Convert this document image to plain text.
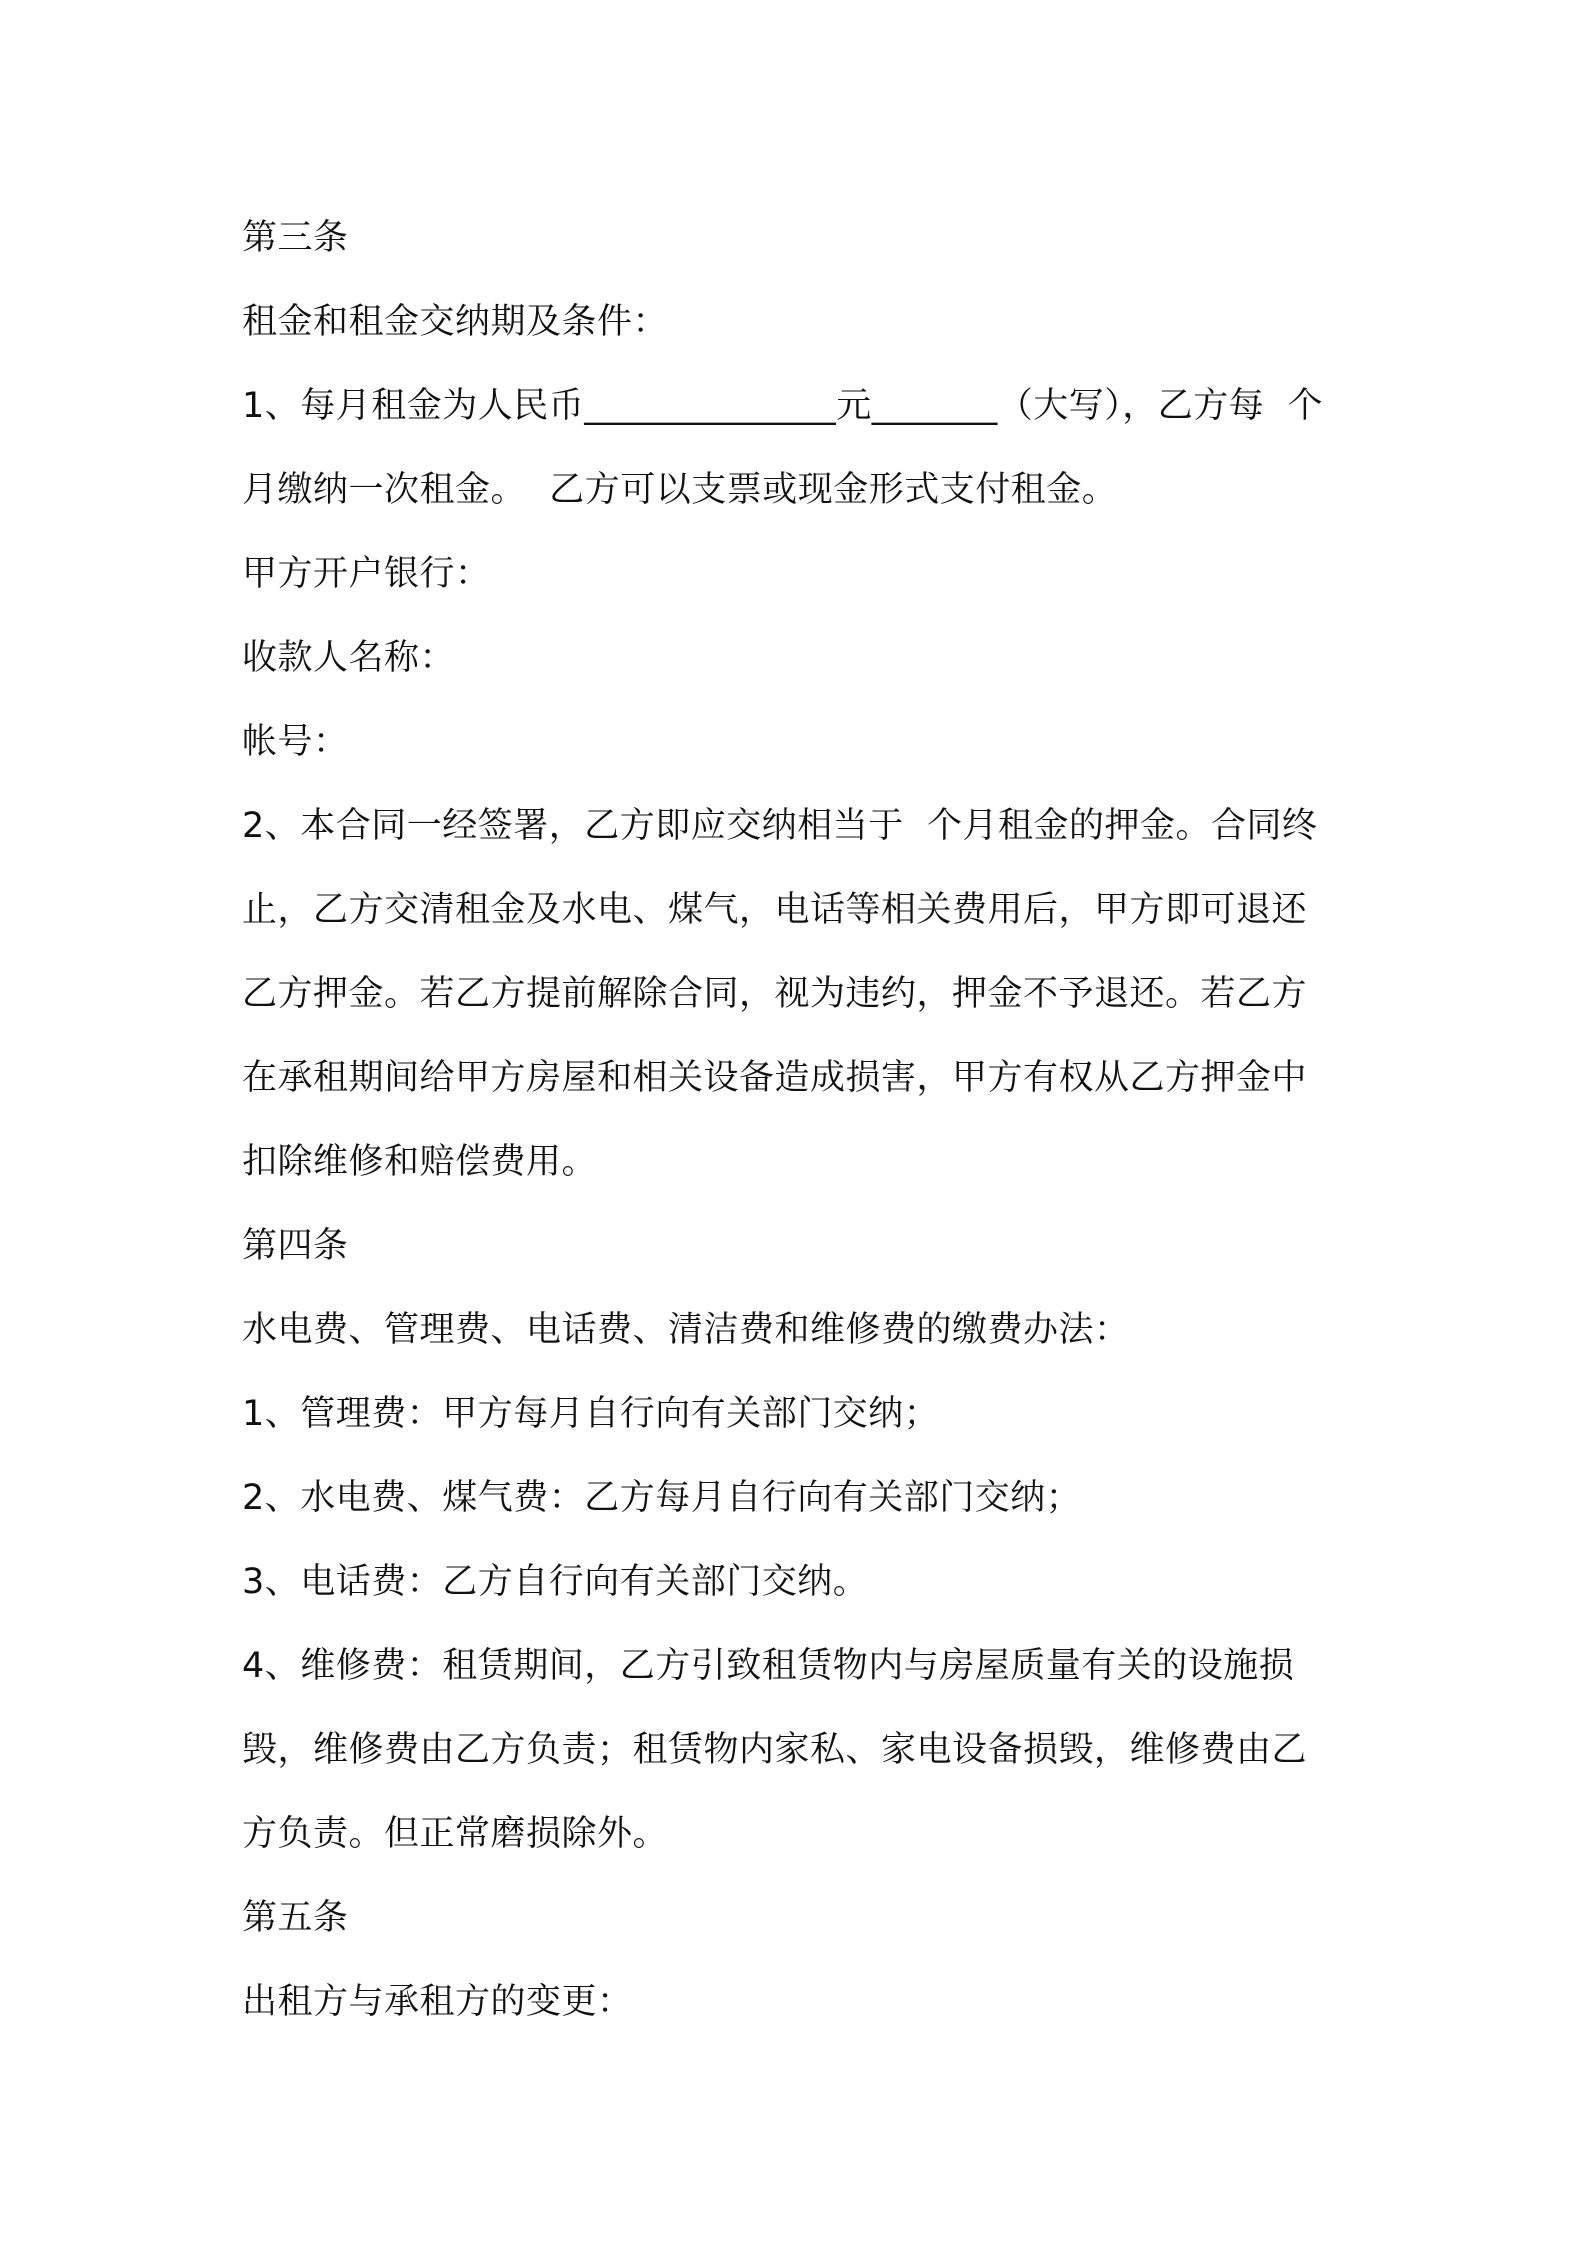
第三条
租金和租金交纳期及条件：
1、每月租金为人民币______________元_______（大写），乙方每  个
月缴纳一次租金。  乙方可以支票或现金形式支付租金。
甲方开户银行：
收款人名称：
帐号：
2、本合同一经签署，乙方即应交纳相当于  个月租金的押金。合同终
止，乙方交清租金及水电、煤气，电话等相关费用后，甲方即可退还
乙方押金。若乙方提前解除合同，视为违约，押金不予退还。若乙方
在承租期间给甲方房屋和相关设备造成损害，甲方有权从乙方押金中
扣除维修和赔偿费用。
第四条
水电费、管理费、电话费、清洁费和维修费的缴费办法：
1、管理费：甲方每月自行向有关部门交纳；
2、水电费、煤气费：乙方每月自行向有关部门交纳；
3、电话费：乙方自行向有关部门交纳。
4、维修费：租赁期间，乙方引致租赁物内与房屋质量有关的设施损
毁，维修费由乙方负责；租赁物内家私、家电设备损毁，维修费由乙
方负责。但正常磨损除外。
第五条
出租方与承租方的变更：
